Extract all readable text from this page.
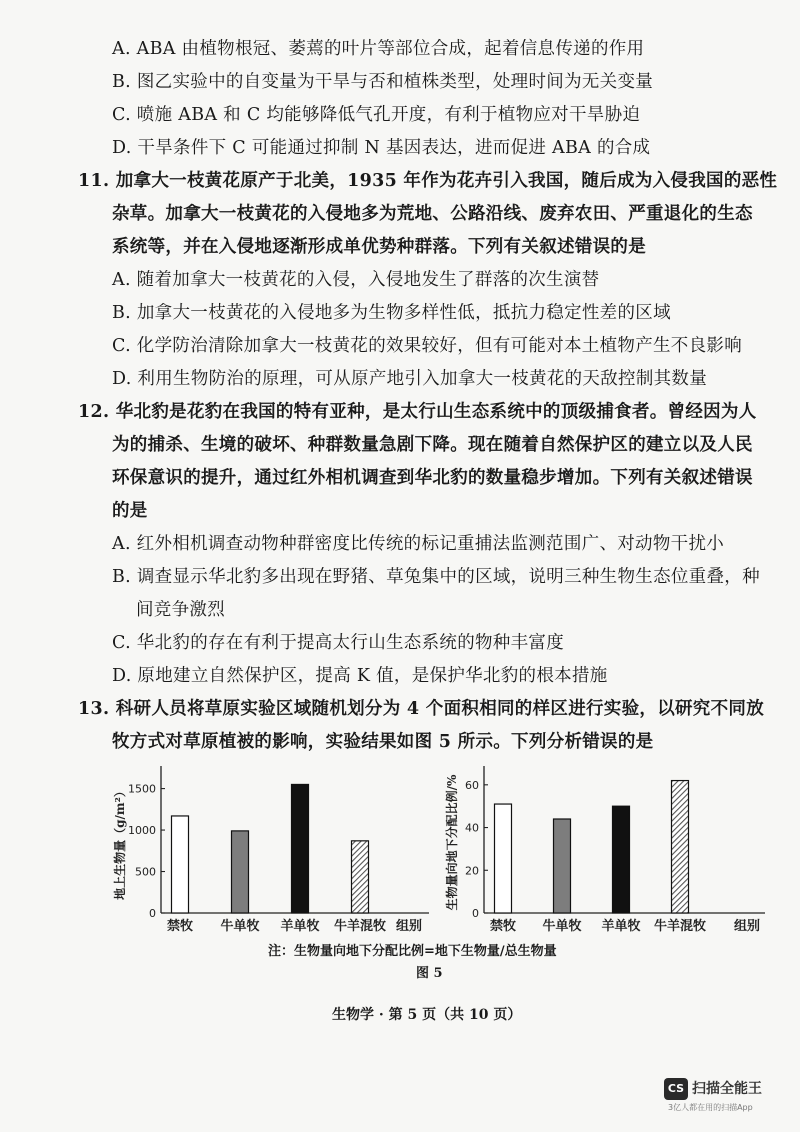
A. ABA 由植物根冠、萎蔫的叶片等部位合成，起着信息传递的作用
B. 图乙实验中的自变量为干旱与否和植株类型，处理时间为无关变量
C. 喷施 ABA 和 C 均能够降低气孔开度，有利于植物应对干旱胁迫
D. 干旱条件下 C 可能通过抑制 N 基因表达，进而促进 ABA 的合成
11. 加拿大一枝黄花原产于北美，1935 年作为花卉引入我国，随后成为入侵我国的恶性
杂草。加拿大一枝黄花的入侵地多为荒地、公路沿线、废弃农田、严重退化的生态
系统等，并在入侵地逐渐形成单优势种群落。下列有关叙述错误的是
A. 随着加拿大一枝黄花的入侵，入侵地发生了群落的次生演替
B. 加拿大一枝黄花的入侵地多为生物多样性低，抵抗力稳定性差的区域
C. 化学防治清除加拿大一枝黄花的效果较好，但有可能对本土植物产生不良影响
D. 利用生物防治的原理，可从原产地引入加拿大一枝黄花的天敌控制其数量
12. 华北豹是花豹在我国的特有亚种，是太行山生态系统中的顶级捕食者。曾经因为人
为的捕杀、生境的破坏、种群数量急剧下降。现在随着自然保护区的建立以及人民
环保意识的提升，通过红外相机调查到华北豹的数量稳步增加。下列有关叙述错误
的是
A. 红外相机调查动物种群密度比传统的标记重捕法监测范围广、对动物干扰小
B. 调查显示华北豹多出现在野猪、草兔集中的区域，说明三种生物生态位重叠，种
间竞争激烈
C. 华北豹的存在有利于提高太行山生态系统的物种丰富度
D. 原地建立自然保护区，提高 K 值，是保护华北豹的根本措施
13. 科研人员将草原实验区域随机划分为 4 个面积相同的样区进行实验，以研究不同放
牧方式对草原植被的影响，实验结果如图 5 所示。下列分析错误的是
地上生物量（g/m²）
0
500
1000
1500
禁牧 牛单牧 羊单牧 牛羊混牧 组别
生物量向地下分配比例/%
0
20
40
60
禁牧 牛单牧 羊单牧 牛羊混牧 组别
注：生物量向地下分配比例=地下生物量/总生物量
图 5
生物学 · 第 5 页（共 10 页）
CS 扫描全能王
3亿人都在用的扫描App
